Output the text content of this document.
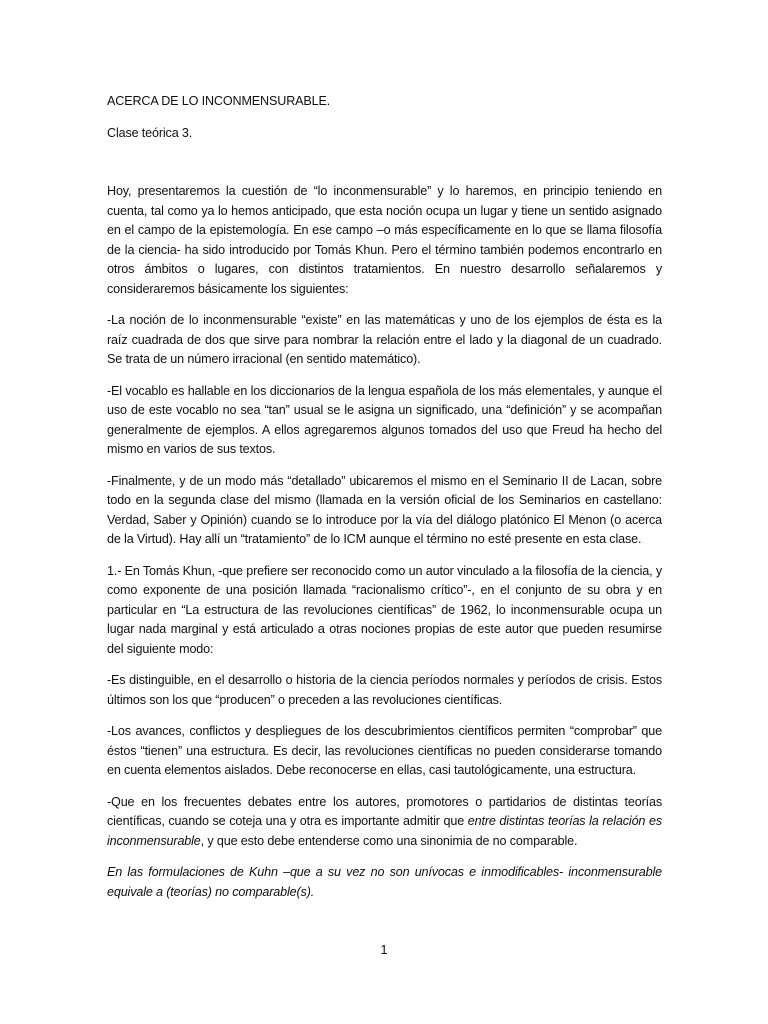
ACERCA DE LO INCONMENSURABLE.

Clase teórica 3.

Hoy, presentaremos la cuestión de “lo inconmensurable” y lo haremos, en principio teniendo en cuenta, tal como ya lo hemos anticipado, que esta noción ocupa un lugar y tiene un sentido asignado en el campo de la epistemología. En ese campo –o más específicamente en lo que se llama filosofía de la ciencia- ha sido introducido por Tomás Khun. Pero el término también podemos encontrarlo en otros ámbitos o lugares, con distintos tratamientos. En nuestro desarrollo señalaremos y consideraremos básicamente los siguientes:

-La noción de lo inconmensurable “existe” en las matemáticas y uno de los ejemplos de ésta es la raíz cuadrada de dos que sirve para nombrar la relación entre el lado y la diagonal de un cuadrado. Se trata de un número irracional (en sentido matemático).

-El vocablo es hallable en los diccionarios de la lengua española de los más elementales, y aunque el uso de este vocablo no sea “tan” usual se le asigna un significado, una “definición” y se acompañan generalmente de ejemplos. A ellos agregaremos algunos tomados del uso que Freud ha hecho del mismo en varios de sus textos.

-Finalmente, y de un modo más “detallado” ubicaremos el mismo en el Seminario II de Lacan, sobre todo en la segunda clase del mismo (llamada en la versión oficial de los Seminarios en castellano: Verdad, Saber y Opinión) cuando se lo introduce por la vía del diálogo platónico El Menon (o acerca de la Virtud). Hay allí un “tratamiento” de lo ICM aunque el término no esté presente en esta clase.

1.- En Tomás Khun, -que prefiere ser reconocido como un autor vinculado a la filosofía de la ciencia, y como exponente de una posición llamada “racionalismo crítico”-, en el conjunto de su obra y en particular en “La estructura de las revoluciones científicas” de 1962, lo inconmensurable ocupa un lugar nada marginal y está articulado a otras nociones propias de este autor que pueden resumirse del siguiente modo:

-Es distinguible, en el desarrollo o historia de la ciencia períodos normales y períodos de crisis. Estos últimos son los que “producen” o preceden a las revoluciones científicas.

-Los avances, conflictos y despliegues de los descubrimientos científicos permiten “comprobar” que éstos “tienen” una estructura. Es decir, las revoluciones científicas no pueden considerarse tomando en cuenta elementos aislados. Debe reconocerse en ellas, casi tautológicamente, una estructura.

-Que en los frecuentes debates entre los autores, promotores o partidarios de distintas teorías científicas, cuando se coteja una y otra es importante admitir que entre distintas teorías la relación es inconmensurable, y que esto debe entenderse como una sinonimia de no comparable.

En las formulaciones de Kuhn –que a su vez no son unívocas e inmodificables- inconmensurable equivale a (teorías) no comparable(s).

1
